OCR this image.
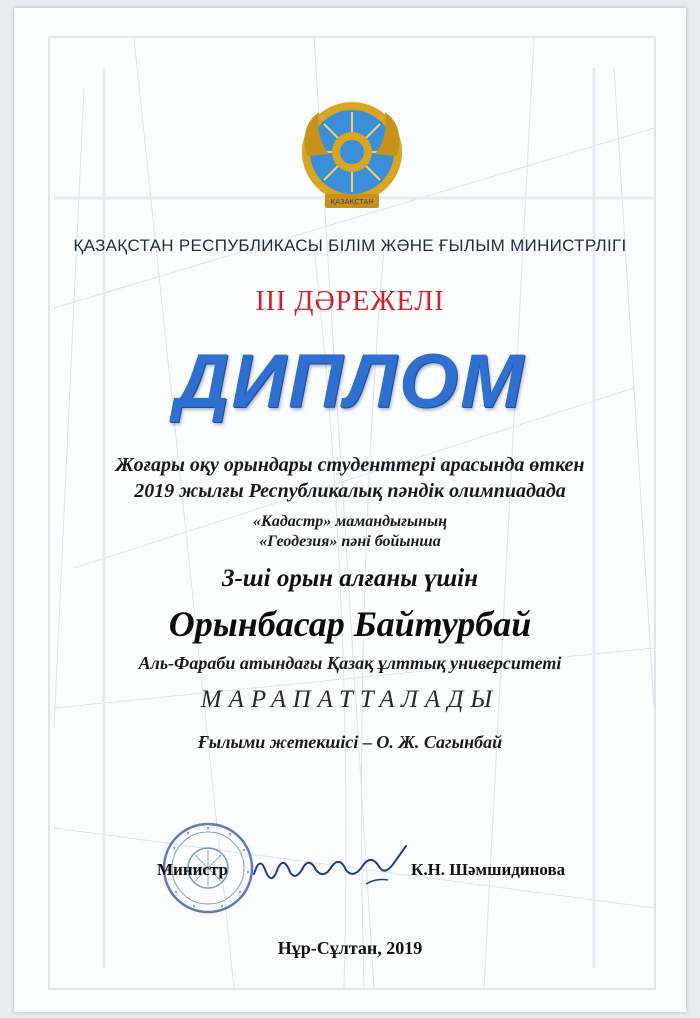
ҚАЗАҚСТАН
ҚАЗАҚСТАН РЕСПУБЛИКАСЫ БІЛІМ ЖӘНЕ ҒЫЛЫМ МИНИСТРЛІГІ
III ДӘРЕЖЕЛІ
ДИПЛОМ
Жоғары оқу орындары студенттері арасында өткен
2019 жылғы Республикалық пәндік олимпиадада
«Кадастр» мамандығының
«Геодезия» пәні бойынша
3-ші орын алғаны үшін
Орынбасар Байтурбай
Аль-Фараби атындағы Қазақ ұлттық университеті
МАРАПАТТАЛАДЫ
Ғылыми жетекшісі – О. Ж. Сагынбай
Министр	К.Н. Шәмшидинова
Нұр-Сұлтан, 2019
